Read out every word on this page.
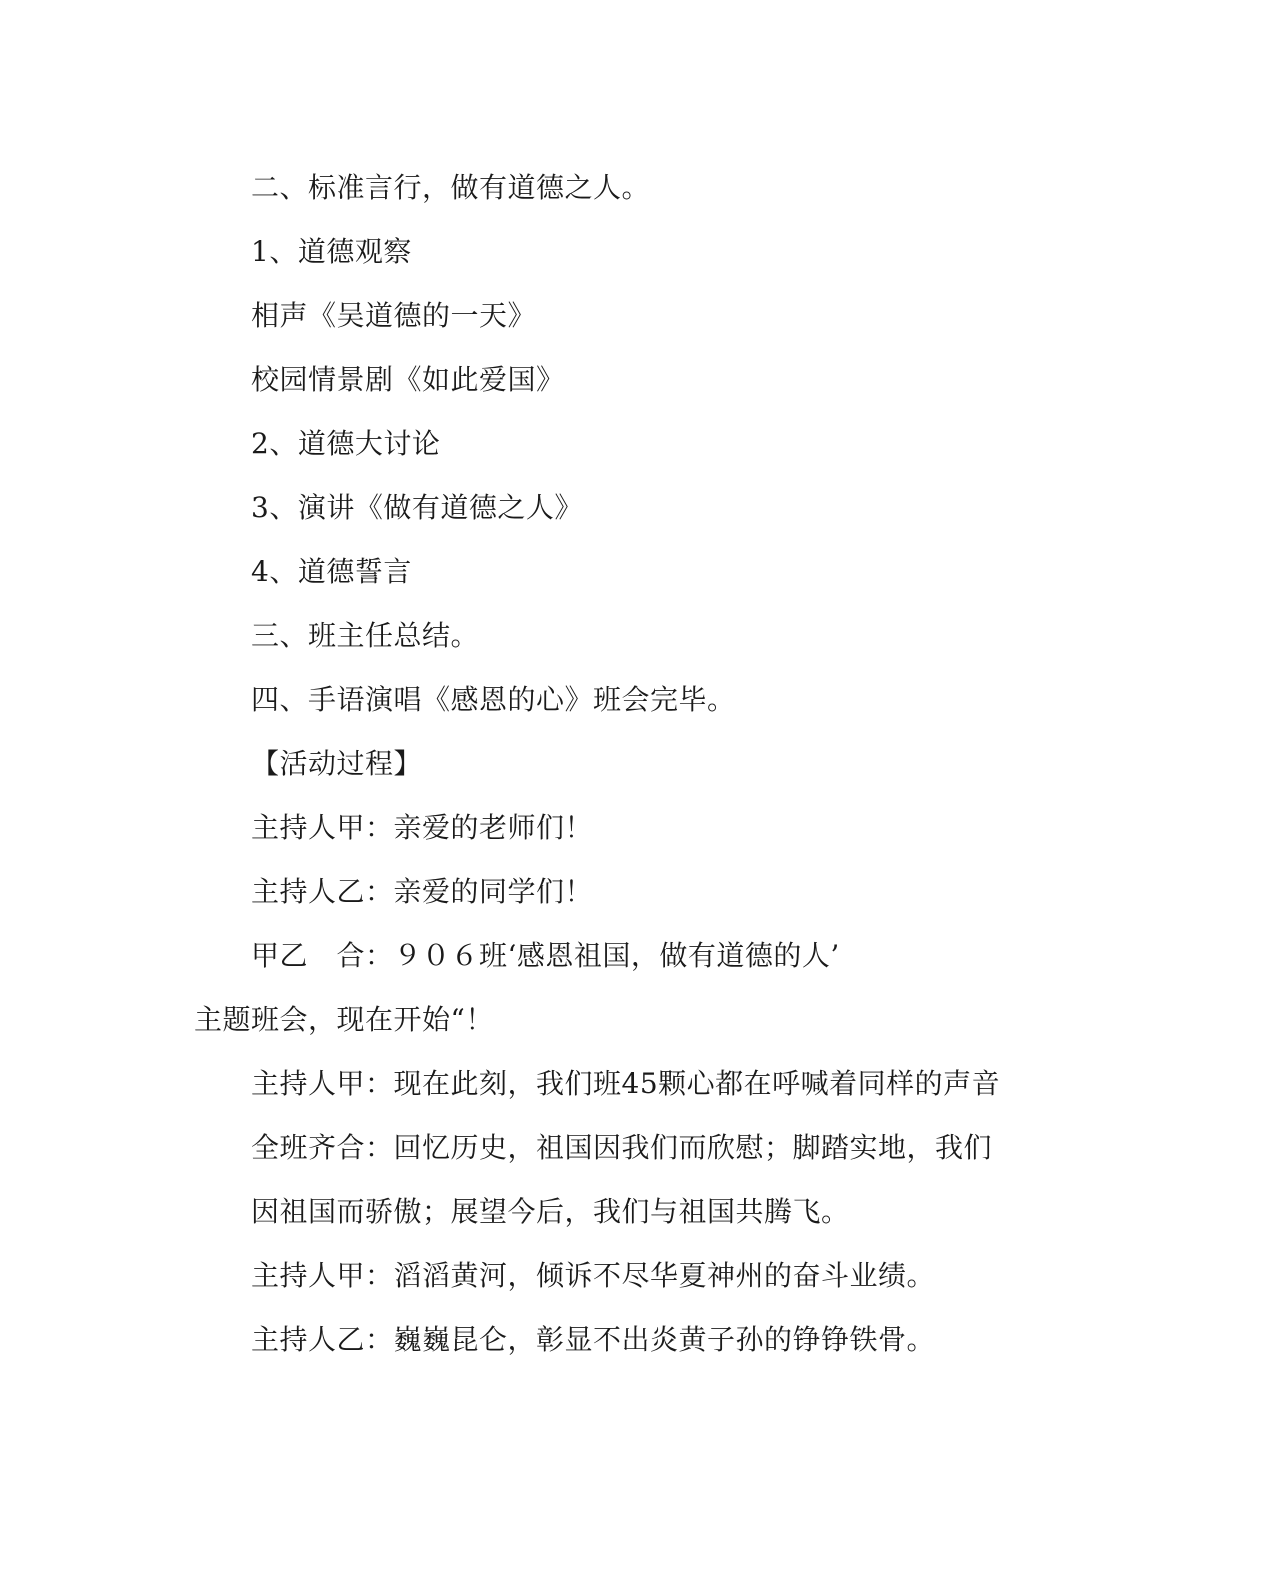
二、标准言行，做有道德之人。
1、道德观察
相声《吴道德的一天》
校园情景剧《如此爱国》
2、道德大讨论
3、演讲《做有道德之人》
4、道德誓言
三、班主任总结。
四、手语演唱《感恩的心》班会完毕。
【活动过程】
主持人甲：亲爱的老师们！
主持人乙：亲爱的同学们！
甲乙　合：９０６班‘感恩祖国，做有道德的人’
主题班会，现在开始“！
主持人甲：现在此刻，我们班45颗心都在呼喊着同样的声音
全班齐合：回忆历史，祖国因我们而欣慰；脚踏实地，我们
因祖国而骄傲；展望今后，我们与祖国共腾飞。
主持人甲：滔滔黄河，倾诉不尽华夏神州的奋斗业绩。
主持人乙：巍巍昆仑，彰显不出炎黄子孙的铮铮铁骨。
